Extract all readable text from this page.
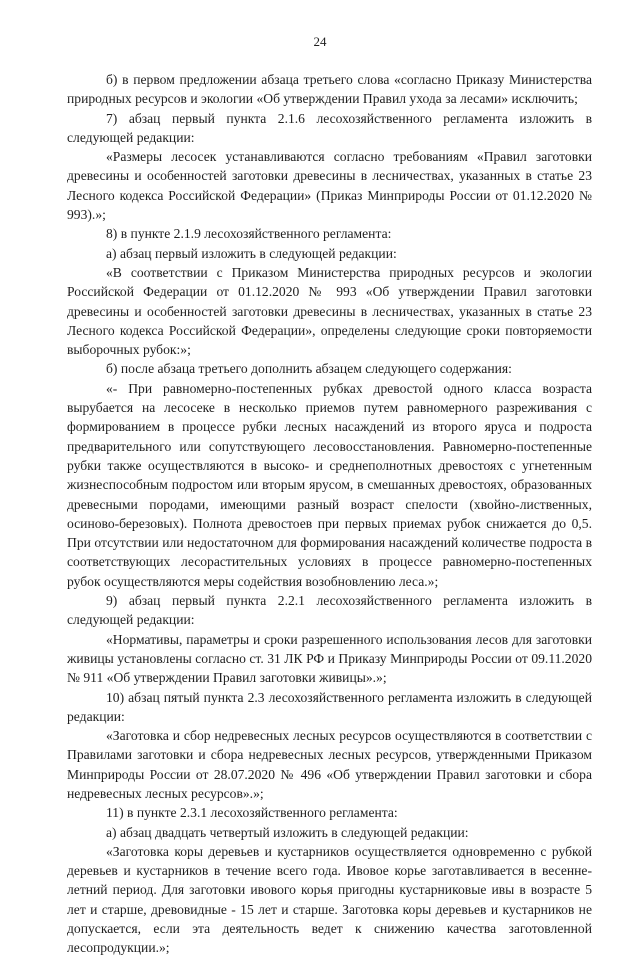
24

б) в первом предложении абзаца третьего слова «согласно Приказу Министерства природных ресурсов и экологии «Об утверждении Правил ухода за лесами» исключить;

7) абзац первый пункта 2.1.6 лесохозяйственного регламента изложить в следующей редакции:

«Размеры лесосек устанавливаются согласно требованиям «Правил заготовки древесины и особенностей заготовки древесины в лесничествах, указанных в статье 23 Лесного кодекса Российской Федерации» (Приказ Минприроды России от 01.12.2020 № 993).»;

8) в пункте 2.1.9 лесохозяйственного регламента:

а) абзац первый изложить в следующей редакции:

«В соответствии с Приказом Министерства природных ресурсов и экологии Российской Федерации от 01.12.2020 № 993 «Об утверждении Правил заготовки древесины и особенностей заготовки древесины в лесничествах, указанных в статье 23 Лесного кодекса Российской Федерации», определены следующие сроки повторяемости выборочных рубок:»;

б) после абзаца третьего дополнить абзацем следующего содержания:

«- При равномерно-постепенных рубках древостой одного класса возраста вырубается на лесосеке в несколько приемов путем равномерного разреживания с формированием в процессе рубки лесных насаждений из второго яруса и подроста предварительного или сопутствующего лесовосстановления. Равномерно-постепенные рубки также осуществляются в высоко- и среднеполнотных древостоях с угнетенным жизнеспособным подростом или вторым ярусом, в смешанных древостоях, образованных древесными породами, имеющими разный возраст спелости (хвойно-лиственных, осиново-березовых). Полнота древостоев при первых приемах рубок снижается до 0,5. При отсутствии или недостаточном для формирования насаждений количестве подроста в соответствующих лесорастительных условиях в процессе равномерно-постепенных рубок осуществляются меры содействия возобновлению леса.»;

9) абзац первый пункта 2.2.1 лесохозяйственного регламента изложить в следующей редакции:

«Нормативы, параметры и сроки разрешенного использования лесов для заготовки живицы установлены согласно ст. 31 ЛК РФ и Приказу Минприроды России от 09.11.2020 № 911 «Об утверждении Правил заготовки живицы».»;

10) абзац пятый пункта 2.3 лесохозяйственного регламента изложить в следующей редакции:

«Заготовка и сбор недревесных лесных ресурсов осуществляются в соответствии с Правилами заготовки и сбора недревесных лесных ресурсов, утвержденными Приказом Минприроды России от 28.07.2020 № 496 «Об утверждении Правил заготовки и сбора недревесных лесных ресурсов».»;

11) в пункте 2.3.1 лесохозяйственного регламента:

а) абзац двадцать четвертый изложить в следующей редакции:

«Заготовка коры деревьев и кустарников осуществляется одновременно с рубкой деревьев и кустарников в течение всего года. Ивовое корье заготавливается в весенне-летний период. Для заготовки ивового корья пригодны кустарниковые ивы в возрасте 5 лет и старше, древовидные - 15 лет и старше. Заготовка коры деревьев и кустарников не допускается, если эта деятельность ведет к снижению качества заготовленной лесопродукции.»;
